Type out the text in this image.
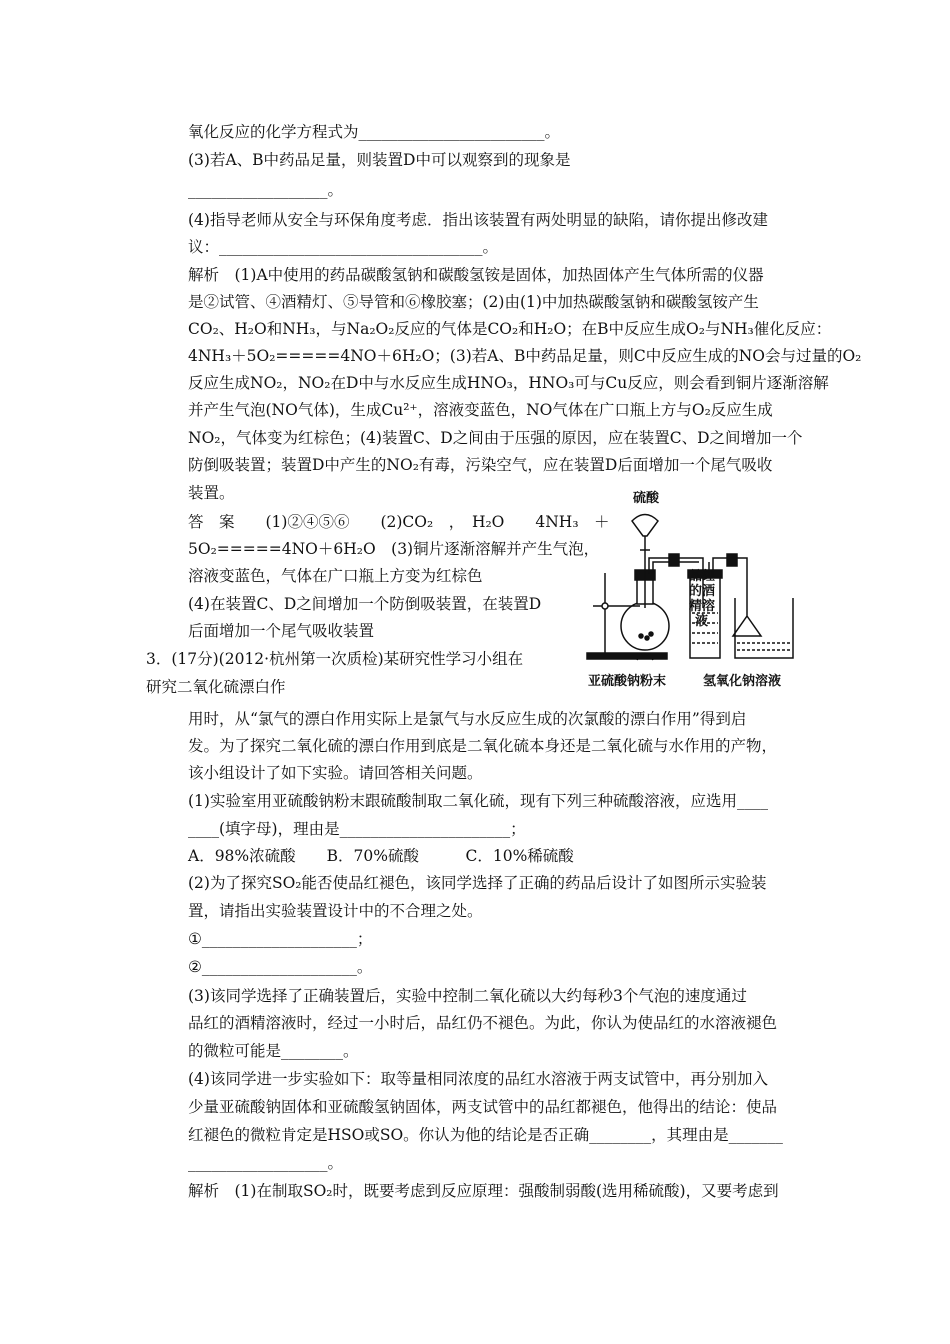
氧化反应的化学方程式为________________________。
(3)若A、B中药品足量，则装置D中可以观察到的现象是
__________________。
(4)指导老师从安全与环保角度考虑．指出该装置有两处明显的缺陷，请你提出修改建
议：__________________________________。
解析　(1)A中使用的药品碳酸氢钠和碳酸氢铵是固体，加热固体产生气体所需的仪器
是②试管、④酒精灯、⑤导管和⑥橡胶塞；(2)由(1)中加热碳酸氢钠和碳酸氢铵产生
CO₂、H₂O和NH₃，与Na₂O₂反应的气体是CO₂和H₂O；在B中反应生成O₂与NH₃催化反应：
4NH₃＋5O₂=====4NO＋6H₂O；(3)若A、B中药品足量，则C中反应生成的NO会与过量的O₂
反应生成NO₂，NO₂在D中与水反应生成HNO₃，HNO₃可与Cu反应，则会看到铜片逐渐溶解
并产生气泡(NO气体)，生成Cu²⁺，溶液变蓝色，NO气体在广口瓶上方与O₂反应生成
NO₂，气体变为红棕色；(4)装置C、D之间由于压强的原因，应在装置C、D之间增加一个
防倒吸装置；装置D中产生的NO₂有毒，污染空气，应在装置D后面增加一个尾气吸收
装置。
答　案　　(1)②④⑤⑥　　(2)CO₂　，　H₂O　　4NH₃　＋
5O₂=====4NO＋6H₂O　(3)铜片逐渐溶解并产生气泡，
溶液变蓝色，气体在广口瓶上方变为红棕色
(4)在装置C、D之间增加一个防倒吸装置，在装置D
后面增加一个尾气吸收装置
3．(17分)(2012·杭州第一次质检)某研究性学习小组在
研究二氧化硫漂白作
用时，从“氯气的漂白作用实际上是氯气与水反应生成的次氯酸的漂白作用”得到启
发。为了探究二氧化硫的漂白作用到底是二氧化硫本身还是二氧化硫与水作用的产物，
该小组设计了如下实验。请回答相关问题。
(1)实验室用亚硫酸钠粉末跟硫酸制取二氧化硫，现有下列三种硫酸溶液，应选用____
____(填字母)，理由是______________________；
A．98%浓硫酸　　B．70%硫酸　　　C．10%稀硫酸
(2)为了探究SO₂能否使品红褪色，该同学选择了正确的药品后设计了如图所示实验装
置，请指出实验装置设计中的不合理之处。
①____________________；
②____________________。
(3)该同学选择了正确装置后，实验中控制二氧化硫以大约每秒3个气泡的速度通过
品红的酒精溶液时，经过一小时后，品红仍不褪色。为此，你认为使品红的水溶液褪色
的微粒可能是________。
(4)该同学进一步实验如下：取等量相同浓度的品红水溶液于两支试管中，再分别加入
少量亚硫酸钠固体和亚硫酸氢钠固体，两支试管中的品红都褪色，他得出的结论：使品
红褪色的微粒肯定是HSO或SO。你认为他的结论是否正确________，其理由是_______
__________________。
解析　(1)在制取SO₂时，既要考虑到反应原理：强酸制弱酸(选用稀硫酸)，又要考虑到
硫酸
品红
的酒
精溶
液
亚硫酸钠粉末	氢氧化钠溶液
